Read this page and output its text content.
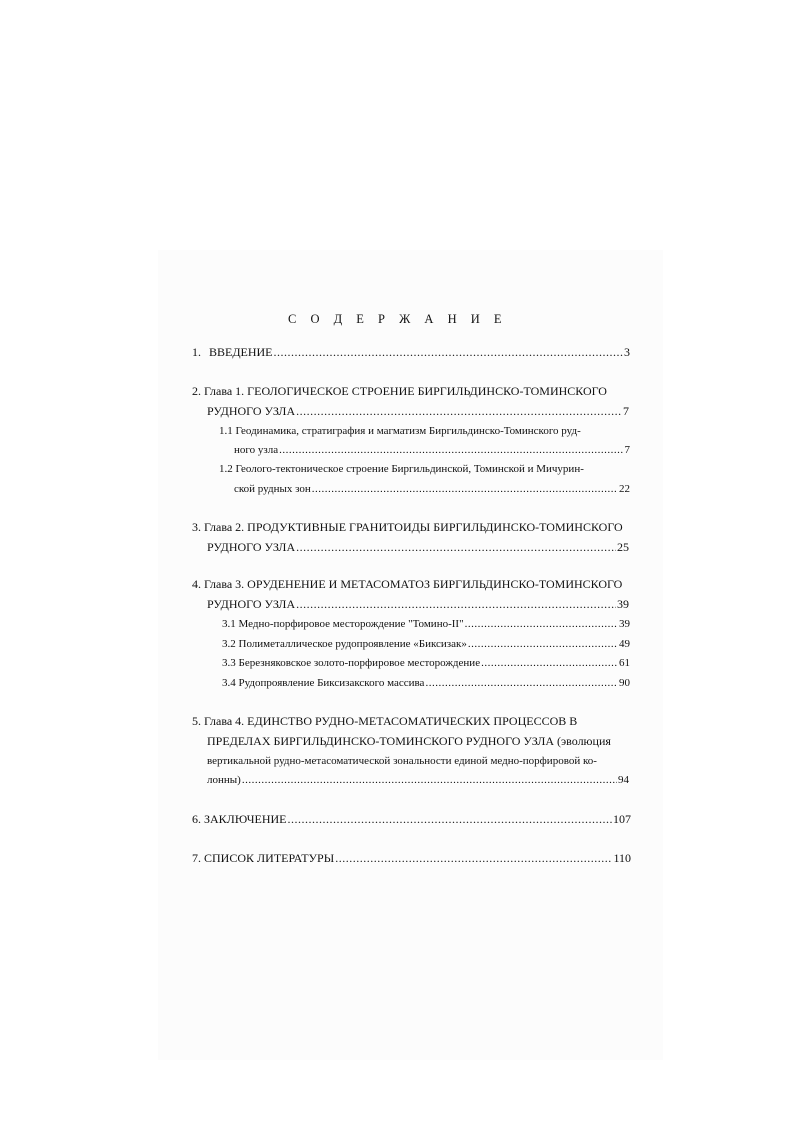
С О Д Е Р Ж А Н И Е
1. ВВЕДЕНИЕ .....	3
2. Глава 1. ГЕОЛОГИЧЕСКОЕ СТРОЕНИЕ БИРГИЛЬДИНСКО-ТОМИНСКОГО
РУДНОГО УЗЛА .....	7
1.1 Геодинамика, стратиграфия и магматизм Биргильдинско-Томинского руд-
ного узла .....	7
1.2 Геолого-тектоническое строение Биргильдинской, Томинской и Мичурин-
ской рудных зон .....	22
3. Глава 2. ПРОДУКТИВНЫЕ ГРАНИТОИДЫ БИРГИЛЬДИНСКО-ТОМИНСКОГО
РУДНОГО УЗЛА .....	25
4. Глава 3. ОРУДЕНЕНИЕ И МЕТАСОМАТОЗ БИРГИЛЬДИНСКО-ТОМИНСКОГО
РУДНОГО УЗЛА .....	39
3.1 Медно-порфировое месторождение "Томино-II" .....	39
3.2 Полиметаллическое рудопроявление «Биксизак» .....	49
3.3 Березняковское золото-порфировое месторождение .....	61
3.4 Рудопроявление Биксизакского массива .....	90
5. Глава 4. ЕДИНСТВО РУДНО-МЕТАСОМАТИЧЕСКИХ ПРОЦЕССОВ В
ПРЕДЕЛАХ БИРГИЛЬДИНСКО-ТОМИНСКОГО РУДНОГО УЗЛА (эволюция
вертикальной рудно-метасоматической зональности единой медно-порфировой ко-
лонны) .....	94
6. ЗАКЛЮЧЕНИЕ .....	107
7. СПИСОК ЛИТЕРАТУРЫ .....	110
